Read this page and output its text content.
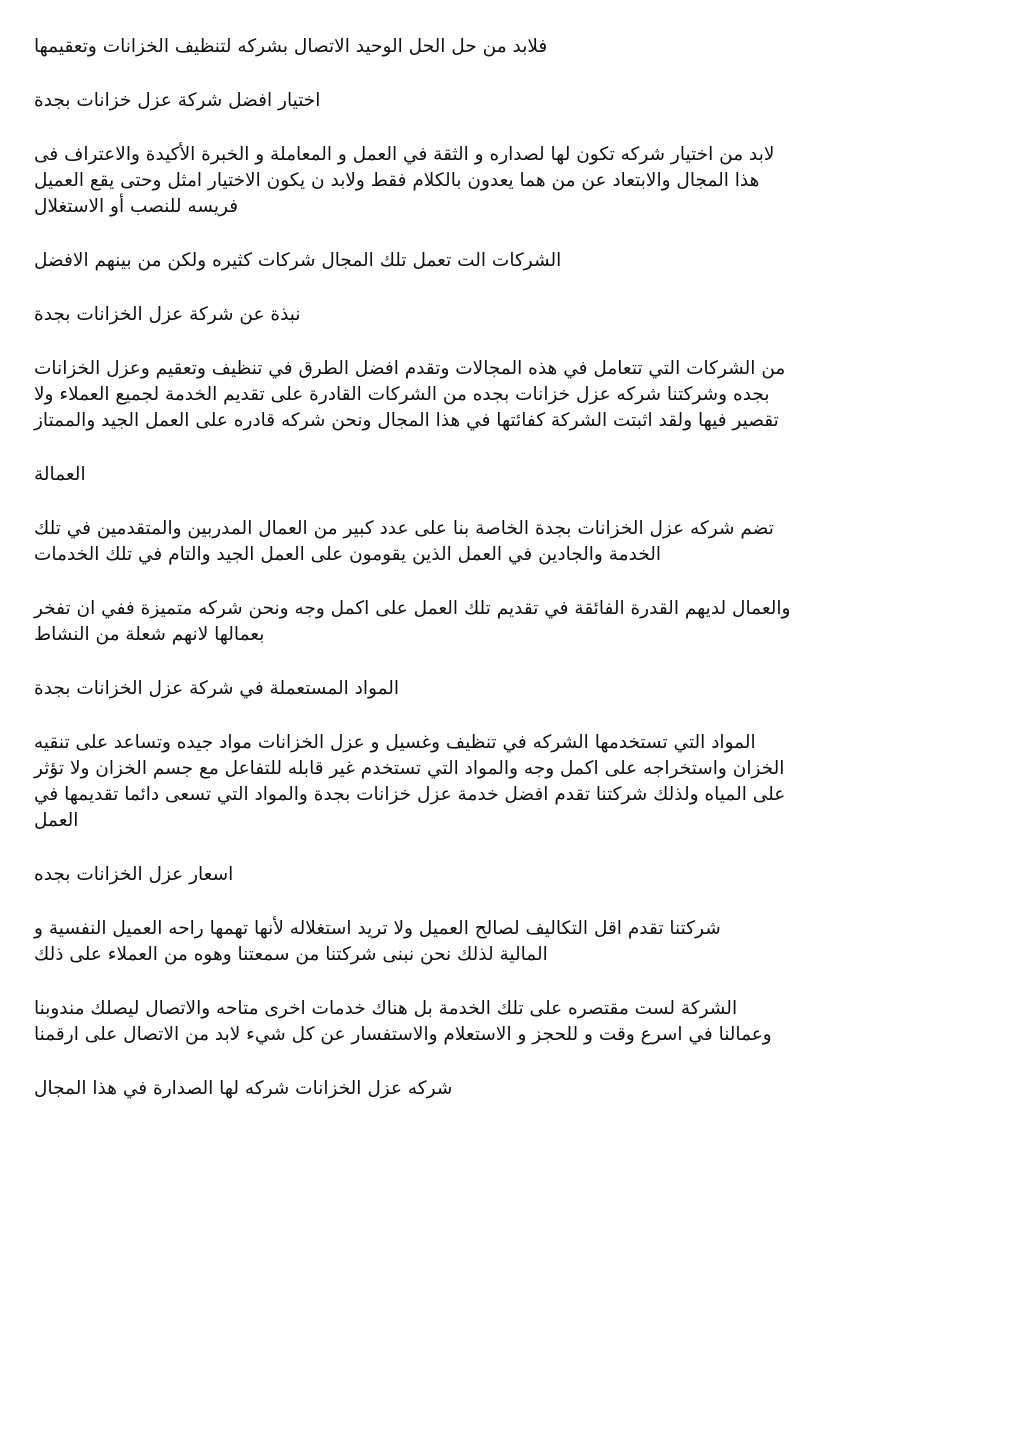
فلابد من حل الحل الوحيد الاتصال بشركه لتنظيف الخزانات وتعقيمها

اختيار افضل شركة عزل خزانات بجدة

لابد من اختيار شركه تكون لها لصداره و الثقة في العمل و المعاملة و الخبرة الأكيدة والاعتراف فى
هذا المجال والابتعاد عن من هما يعدون بالكلام فقط ولابد ن يكون الاختيار امثل وحتى يقع العميل
فريسه للنصب أو الاستغلال

الشركات الت تعمل تلك المجال شركات كثيره ولكن من بينهم الافضل

نبذة عن شركة عزل الخزانات بجدة

من الشركات التي تتعامل في هذه المجالات وتقدم افضل الطرق في تنظيف وتعقيم وعزل الخزانات
بجده وشركتنا شركه عزل خزانات بجده من الشركات القادرة على تقديم الخدمة لجميع العملاء ولا
تقصير فيها ولقد اثبتت الشركة كفائتها في هذا المجال ونحن شركه قادره على العمل الجيد والممتاز

العمالة

تضم شركه عزل الخزانات بجدة الخاصة بنا على عدد كبير من العمال المدربين والمتقدمين في تلك
الخدمة والجادين في العمل الذين يقومون على العمل الجيد والتام في تلك الخدمات

والعمال لديهم القدرة الفائقة في تقديم تلك العمل على اكمل وجه ونحن شركه متميزة ففي ان تفخر
بعمالها لانهم شعلة من النشاط

المواد المستعملة في شركة عزل الخزانات بجدة

المواد التي تستخدمها الشركه في تنظيف وغسيل و عزل الخزانات مواد جيده وتساعد على تنقيه
الخزان واستخراجه على اكمل وجه والمواد التي تستخدم غير قابله للتفاعل مع جسم الخزان ولا تؤثر
على المياه ولذلك شركتنا تقدم افضل خدمة عزل خزانات بجدة والمواد التي تسعى دائما تقديمها في
العمل

اسعار عزل الخزانات بجده

شركتنا تقدم اقل التكاليف لصالح العميل ولا تريد استغلاله لأنها تهمها راحه العميل النفسية و
المالية لذلك نحن نبنى شركتنا من سمعتنا وهوه من العملاء على ذلك

الشركة لست مقتصره على تلك الخدمة بل هناك خدمات اخرى متاحه والاتصال ليصلك مندوبنا
وعمالنا في اسرع وقت و للحجز و الاستعلام والاستفسار عن كل شيء لابد من الاتصال على ارقمنا

شركه عزل الخزانات شركه لها الصدارة في هذا المجال
